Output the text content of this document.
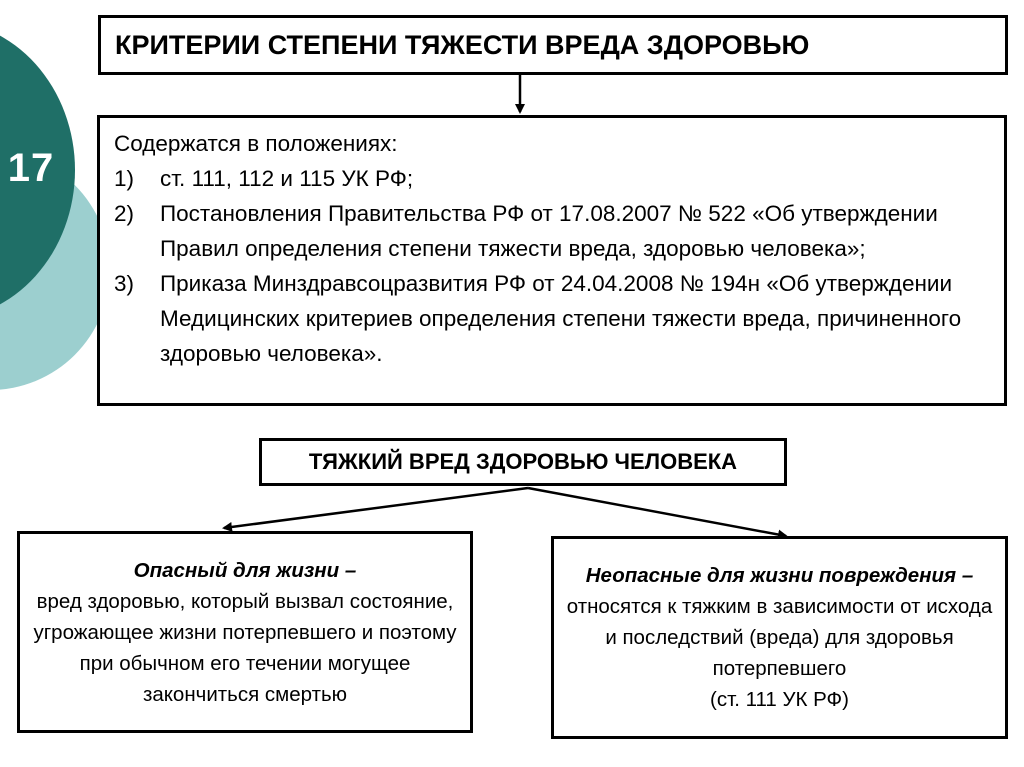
17
КРИТЕРИИ СТЕПЕНИ ТЯЖЕСТИ ВРЕДА ЗДОРОВЬЮ
Содержатся в положениях:
1)	ст. 111, 112 и 115 УК РФ;
2)	Постановления Правительства РФ от 17.08.2007 № 522 «Об утверждении Правил определения степени тяжести вреда, здоровью человека»;
3)	Приказа Минздравсоцразвития РФ от 24.04.2008 № 194н «Об утверждении Медицинских критериев определения степени тяжести вреда, причиненного здоровью человека».
ТЯЖКИЙ ВРЕД ЗДОРОВЬЮ ЧЕЛОВЕКА
Опасный для жизни –
вред здоровью, который вызвал состояние, угрожающее жизни потерпевшего и поэтому при обычном его течении могущее закончиться смертью
Неопасные для жизни повреждения –
относятся к тяжким в зависимости от исхода и последствий (вреда) для здоровья потерпевшего
(ст. 111 УК РФ)
